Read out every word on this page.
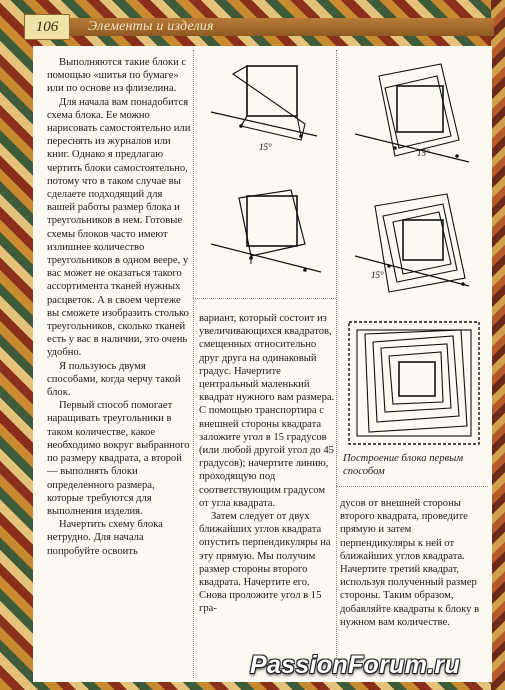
106	Элементы и изделия

Выполняются такие блоки с помощью «шитья по бумаге» или по основе из флизелина.

Для начала вам понадобится схема блока. Ее можно нарисовать самостоятельно или переснять из журналов или книг. Однако я предлагаю чертить блоки самостоятельно, потому что в таком случае вы сделаете подходящий для вашей работы размер блока и треугольников в нем. Готовые схемы блоков часто имеют излишнее количество треугольников в одном веере, у вас может не оказаться такого ассортимента тканей нужных расцветок. А в своем чертеже вы сможете изобразить столько треугольников, сколько тканей есть у вас в наличии, это очень удобно.

Я пользуюсь двумя способами, когда черчу такой блок.

Первый способ помогает наращивать треугольники в таком количестве, какое необходимо вокруг выбранного по размеру квадрата, а второй — выполнять блоки определенного размера, которые требуются для выполнения изделия.

Начертить схему блока нетрудно. Для начала попробуйте освоить

15°
15°
15°
Построение блока первым способом

вариант, который состоит из увеличивающихся квадратов, смещенных относительно друг друга на одинаковый градус. Начертите центральный маленький квадрат нужного вам размера. С помощью транспортира с внешней стороны квадрата заложите угол в 15 градусов (или любой другой угол до 45 градусов); начертите линию, проходящую под соответствующим градусом от угла квадрата.

Затем следует от двух ближайших углов квадрата опустить перпендикуляры на эту прямую. Мы получим размер стороны второго квадрата. Начертите его. Снова проложите угол в 15 гра-

дусов от внешней стороны второго квадрата, проведите прямую и затем перпендикуляры к ней от ближайших углов квадрата. Начертите третий квадрат, используя полученный размер стороны. Таким образом, добавляйте квадраты к блоку в нужном вам количестве.

PassionForum.ru
